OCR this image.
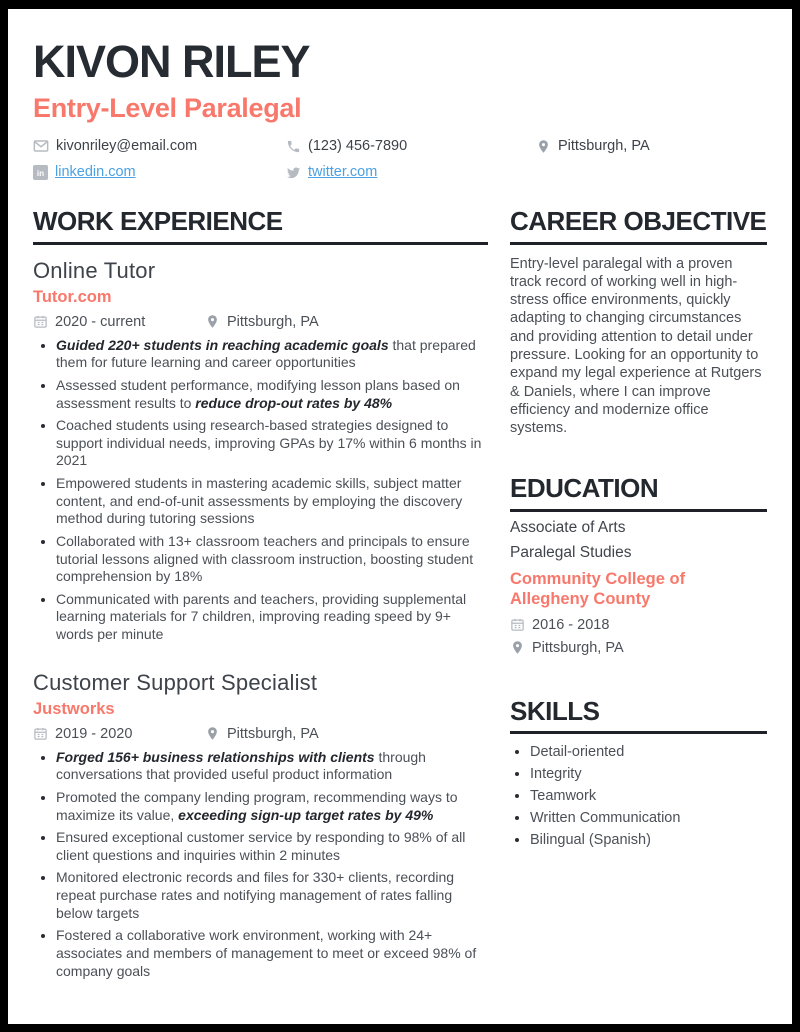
KIVON RILEY
Entry-Level Paralegal
kivonriley@email.com	(123) 456-7890	Pittsburgh, PA
in linkedin.com	twitter.com
WORK EXPERIENCE
Online Tutor
Tutor.com
2020 - current	Pittsburgh, PA
• Guided 220+ students in reaching academic goals that prepared them for future learning and career opportunities
• Assessed student performance, modifying lesson plans based on assessment results to reduce drop-out rates by 48%
• Coached students using research-based strategies designed to support individual needs, improving GPAs by 17% within 6 months in 2021
• Empowered students in mastering academic skills, subject matter content, and end-of-unit assessments by employing the discovery method during tutoring sessions
• Collaborated with 13+ classroom teachers and principals to ensure tutorial lessons aligned with classroom instruction, boosting student comprehension by 18%
• Communicated with parents and teachers, providing supplemental learning materials for 7 children, improving reading speed by 9+ words per minute
Customer Support Specialist
Justworks
2019 - 2020	Pittsburgh, PA
• Forged 156+ business relationships with clients through conversations that provided useful product information
• Promoted the company lending program, recommending ways to maximize its value, exceeding sign-up target rates by 49%
• Ensured exceptional customer service by responding to 98% of all client questions and inquiries within 2 minutes
• Monitored electronic records and files for 330+ clients, recording repeat purchase rates and notifying management of rates falling below targets
• Fostered a collaborative work environment, working with 24+ associates and members of management to meet or exceed 98% of company goals
CAREER OBJECTIVE

Entry-level paralegal with a proven track record of working well in high-stress office environments, quickly adapting to changing circumstances and providing attention to detail under pressure. Looking for an opportunity to expand my legal experience at Rutgers & Daniels, where I can improve efficiency and modernize office systems.

EDUCATION
Associate of Arts
Paralegal Studies
Community College of Allegheny County
2016 - 2018
Pittsburgh, PA
SKILLS
• Detail-oriented
• Integrity
• Teamwork
• Written Communication
• Bilingual (Spanish)
